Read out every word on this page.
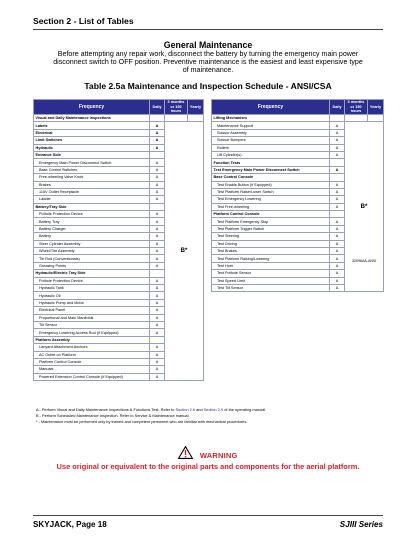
Section 2 - List of Tables
General Maintenance
Before attempting any repair work, disconnect the battery by turning the emergency main power disconnect switch to OFF position. Preventive maintenance is the easiest and least expensive type of maintenance.
Table 2.5a Maintenance and Inspection Schedule - ANSI/CSA
Frequency	Daily	3 months or 150 hours	Yearly
Visual and Daily Maintenance Inspections			
Labels	A	B*	
Electrical	A		
Limit Switches	A		
Hydraulic	A		
Entrance Side			
Emergency Main Power Disconnect Switch	A		
Base Control Switches	A		
Free-wheeling Valve Knob	A		
Brakes	A		
110V Outlet Receptacle	A		
Ladder	A		
Battery/Tray Side			
Pothole Protection Device	A		
Battery Tray	A		
Battery Charger	A		
Battery	A		
Steer Cylinder Assembly	A		
Wheel/Tire Assembly	A		
Tie Rod (Conventionals)	A		
Greasing Points	A		
Hydraulic/Electric Tray Side			
Pothole Protection Device	A		
Hydraulic Tank	A		
Hydraulic Oil	A		
Hydraulic Pump and Motor	A		
Electrical Panel	A		
Proportional and Main Manifolds	A		
Tilt Sensor	A		
Emergency Lowering Access Rod (If Equipped)	A		
Platform Assembly			
Lanyard Attachment Anchors	A		
AC Outlet on Platform	A		
Platform Control Console	A		
Manuals	A		
Powered Extension Control Console (If Equipped)	A		
Frequency	Daily	3 months or 150 hours	Yearly
Lifting Mechanism			
Maintenance Support	A	B*	
Scissor Assembly	A		
Scissor Bumpers	A		
Rollers	A		
Lift Cylinder(s)	A		
Function Tests			
Test Emergency Main Power Disconnect Switch	A		
Base Control Console			
Test Enable Button (If Equipped)	A		
Test Platform Raise/Lower Switch	A		
Test Emergency Lowering	A		
Test Free-wheeling	A		
Platform Control Console			
Test Platform Emergency Stop	A		
Test Platform Trigger Switch	A		
Test Steering	A		
Test Driving	A		
Test Brakes	A		
Test Platform Raising/Lowering	A		
Test Horn	A		
Test Pothole Sensor	A		
Test Speed Limit	A		
Test Tilt Sensor	A		
32096AA-ANSI
A - Perform Visual and Daily Maintenance Inspections & Functions Test. Refer to Section 2.6 and Section 2.9 of the operating manual.
B - Perform Scheduled Maintenance Inspection. Refer to Service & Maintenance manual.
* - Maintenance must be performed only by trained and competent personnel who are familiar with mechanical procedures.
WARNING
Use original or equivalent to the original parts and components for the aerial platform.
SKYJACK, Page 18	SJIII Series
